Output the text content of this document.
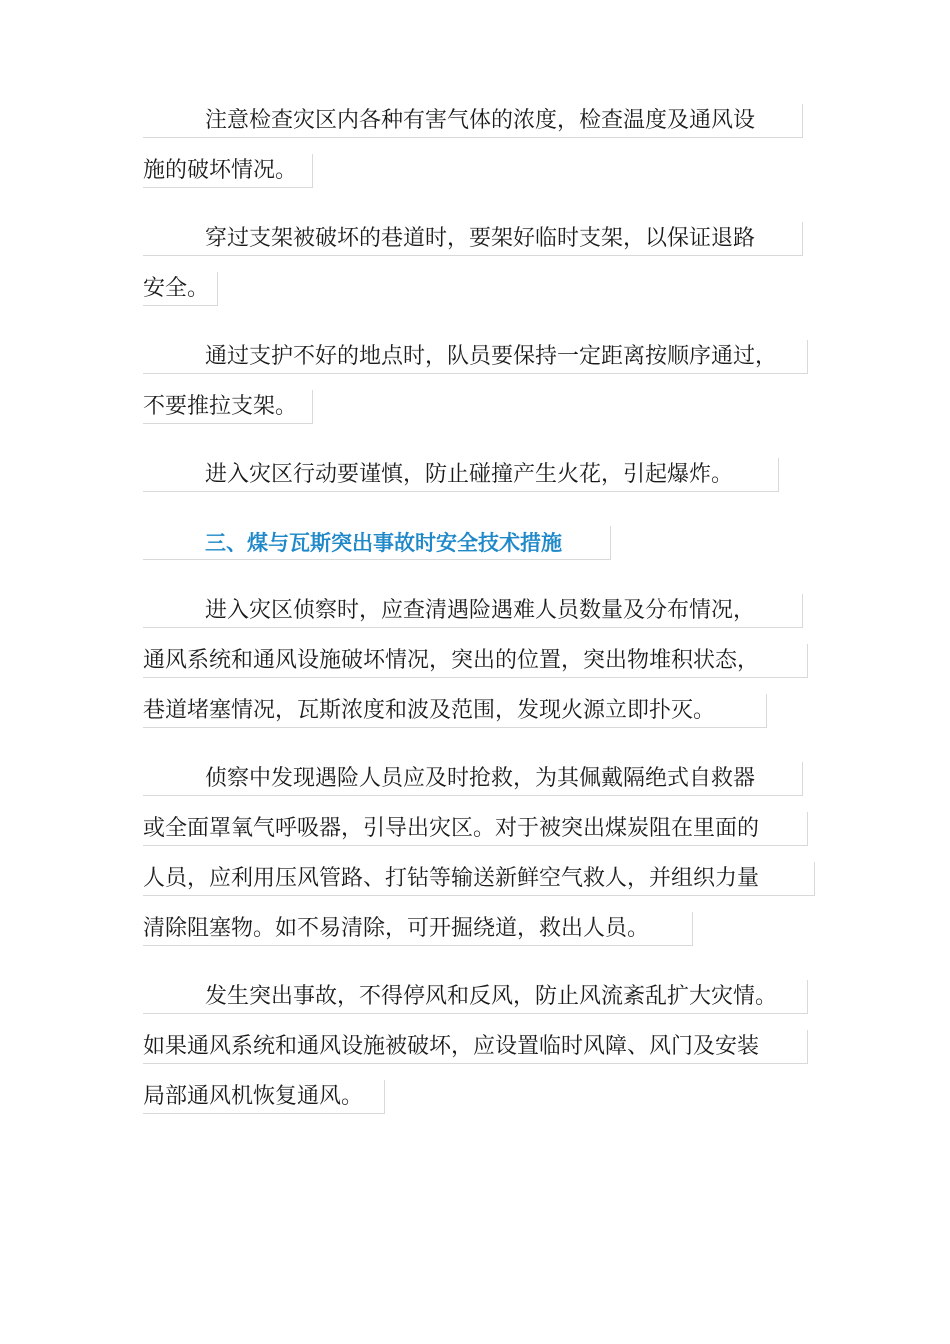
注意检查灾区内各种有害气体的浓度，检查温度及通风设
施的破坏情况。
穿过支架被破坏的巷道时，要架好临时支架，以保证退路
安全。
通过支护不好的地点时，队员要保持一定距离按顺序通过，
不要推拉支架。
进入灾区行动要谨慎，防止碰撞产生火花，引起爆炸。
三、煤与瓦斯突出事故时安全技术措施
进入灾区侦察时，应查清遇险遇难人员数量及分布情况，
通风系统和通风设施破坏情况，突出的位置，突出物堆积状态，
巷道堵塞情况，瓦斯浓度和波及范围，发现火源立即扑灭。
侦察中发现遇险人员应及时抢救，为其佩戴隔绝式自救器
或全面罩氧气呼吸器，引导出灾区。对于被突出煤炭阻在里面的
人员，应利用压风管路、打钻等输送新鲜空气救人，并组织力量
清除阻塞物。如不易清除，可开掘绕道，救出人员。
发生突出事故，不得停风和反风，防止风流紊乱扩大灾情。
如果通风系统和通风设施被破坏，应设置临时风障、风门及安装
局部通风机恢复通风。
